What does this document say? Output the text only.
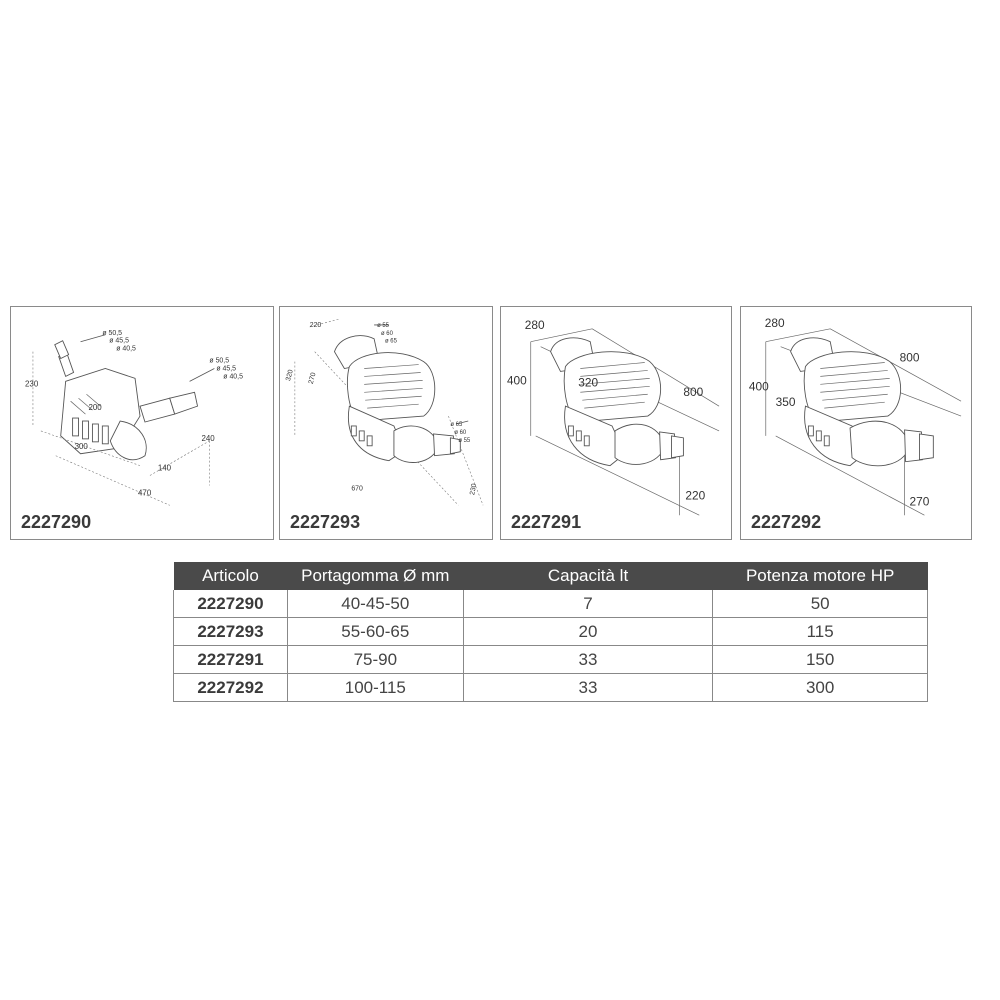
ø 50,5
ø 45,5
ø 40,5
ø 50,5
ø 45,5
ø 40,5
230
200
300
140
470
240
2227290
220
320 270
ø 55
ø 60
ø 65
ø 65
ø 60
ø 55
670	230
2227293
280
400	320
800
220
2227291
280
800
400
350
270
2227292
Articolo	Portagomma Ø mm	Capacità lt	Potenza motore HP
2227290	40-45-50	7	50
2227293	55-60-65	20	115
2227291	75-90	33	150
2227292	100-115	33	300
